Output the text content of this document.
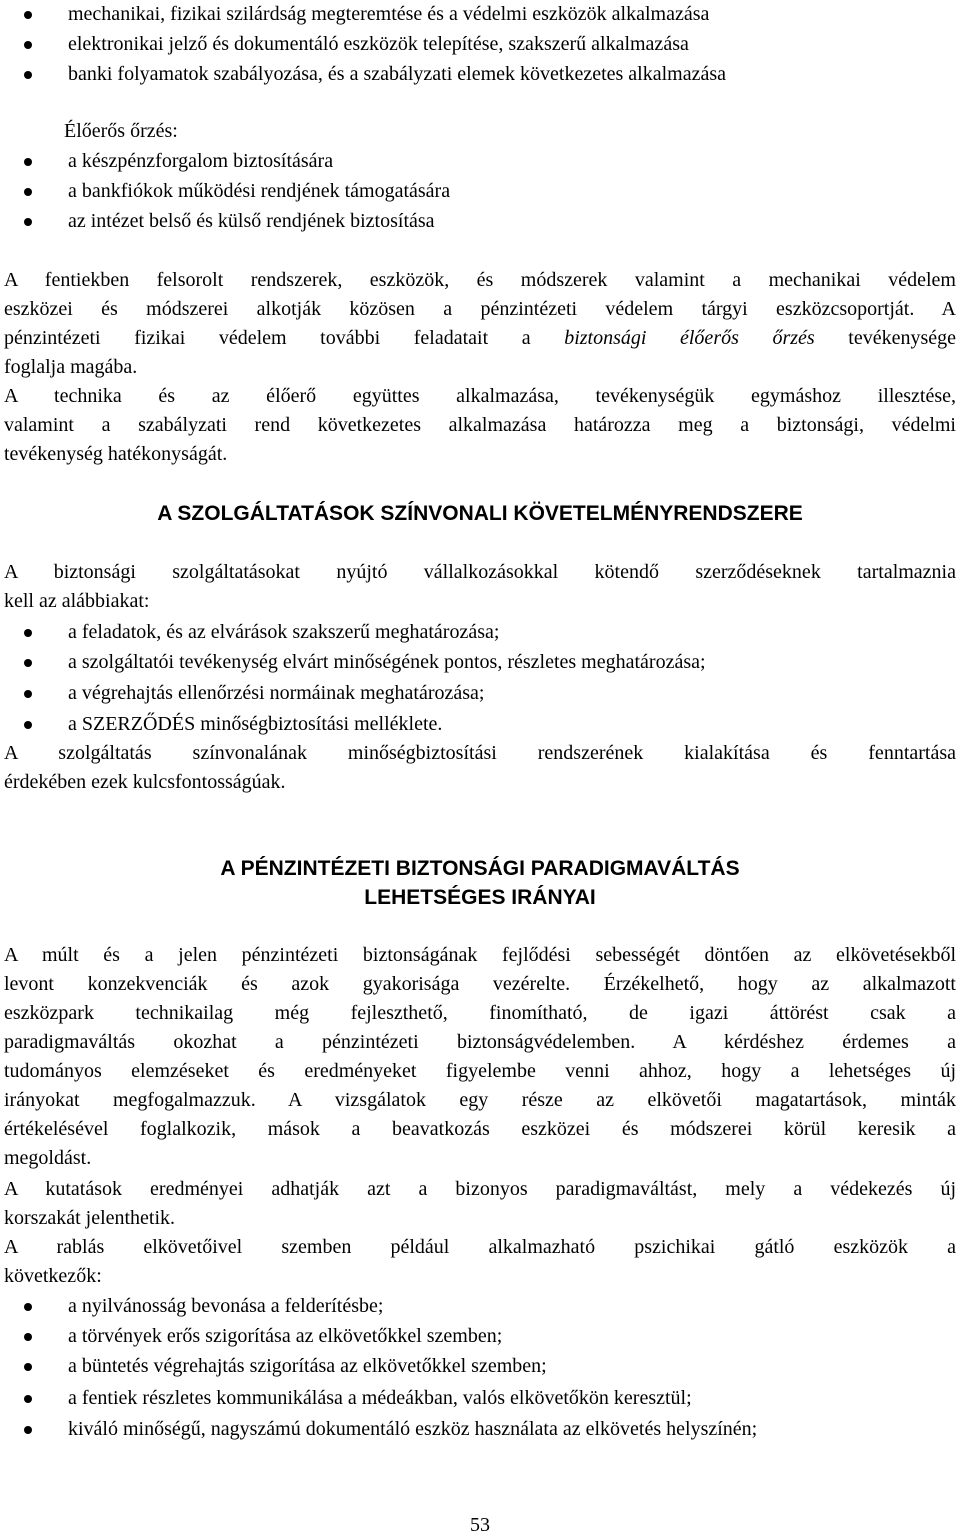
mechanikai, fizikai szilárdság megteremtése és a védelmi eszközök alkalmazása
elektronikai jelző és dokumentáló eszközök telepítése, szakszerű alkalmazása
banki folyamatok szabályozása, és a szabályzati elemek következetes alkalmazása
Élőerős őrzés:
a készpénzforgalom biztosítására
a bankfiókok működési rendjének támogatására
az intézet belső és külső rendjének biztosítása
A fentiekben felsorolt rendszerek, eszközök, és módszerek valamint a mechanikai védelem
eszközei és módszerei alkotják közösen a pénzintézeti védelem tárgyi eszközcsoportját. A
pénzintézeti fizikai védelem további feladatait a biztonsági élőerős őrzés tevékenysége
foglalja magába.
A technika és az élőerő együttes alkalmazása, tevékenységük egymáshoz illesztése,
valamint a szabályzati rend következetes alkalmazása határozza meg a biztonsági, védelmi
tevékenység hatékonyságát.
A SZOLGÁLTATÁSOK SZÍNVONALI KÖVETELMÉNYRENDSZERE
A biztonsági szolgáltatásokat nyújtó vállalkozásokkal kötendő szerződéseknek tartalmaznia
kell az alábbiakat:
a feladatok, és az elvárások szakszerű meghatározása;
a szolgáltatói tevékenység elvárt minőségének pontos, részletes meghatározása;
a végrehajtás ellenőrzési normáinak meghatározása;
a SZERZŐDÉS minőségbiztosítási melléklete.
A szolgáltatás színvonalának minőségbiztosítási rendszerének kialakítása és fenntartása
érdekében ezek kulcsfontosságúak.
A PÉNZINTÉZETI BIZTONSÁGI PARADIGMAVÁLTÁS
LEHETSÉGES IRÁNYAI
A múlt és a jelen pénzintézeti biztonságának fejlődési sebességét döntően az elkövetésekből
levont konzekvenciák és azok gyakorisága vezérelte. Érzékelhető, hogy az alkalmazott
eszközpark technikailag még fejleszthető, finomítható, de igazi áttörést csak a
paradigmaváltás okozhat a pénzintézeti biztonságvédelemben. A kérdéshez érdemes a
tudományos elemzéseket és eredményeket figyelembe venni ahhoz, hogy a lehetséges új
irányokat megfogalmazzuk. A vizsgálatok egy része az elkövetői magatartások, minták
értékelésével foglalkozik, mások a beavatkozás eszközei és módszerei körül keresik a
megoldást.
A kutatások eredményei adhatják azt a bizonyos paradigmaváltást, mely a védekezés új
korszakát jelenthetik.
A rablás elkövetőivel szemben például alkalmazható pszichikai gátló eszközök a
következők:
a nyilvánosság bevonása a felderítésbe;
a törvények erős szigorítása az elkövetőkkel szemben;
a büntetés végrehajtás szigorítása az elkövetőkkel szemben;
a fentiek részletes kommunikálása a médeákban, valós elkövetőkön keresztül;
kiváló minőségű, nagyszámú dokumentáló eszköz használata az elkövetés helyszínén;
53
